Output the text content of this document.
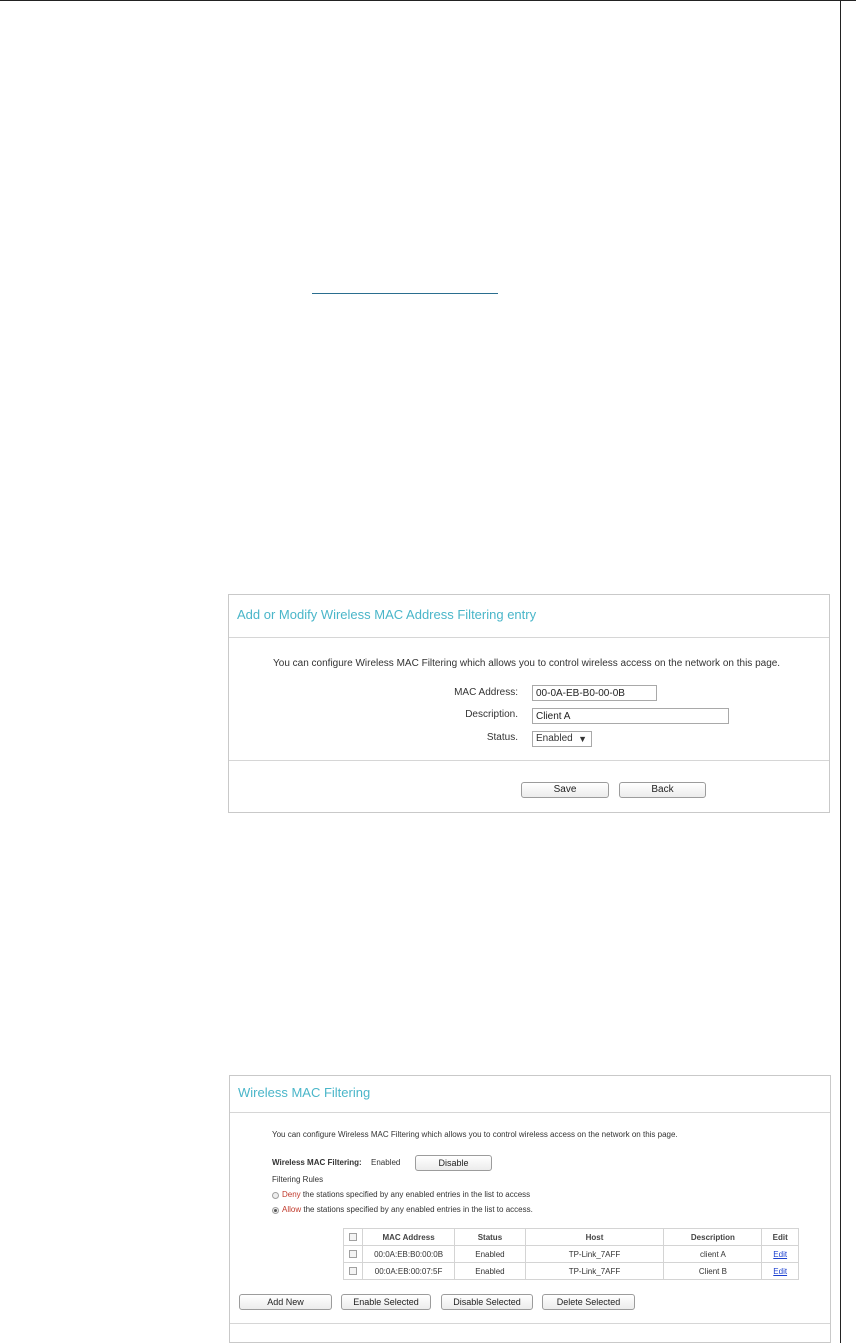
Add or Modify Wireless MAC Address Filtering entry
You can configure Wireless MAC Filtering which allows you to control wireless access on the network on this page.
MAC Address:
00-0A-EB-B0-00-0B
Description.
Client A
Status.	Enabled ▼
Save	Back
Wireless MAC Filtering
You can configure Wireless MAC Filtering which allows you to control wireless access on the network on this page.
Wireless MAC Filtering: Enabled	Disable
Filtering Rules
Deny the stations specified by any enabled entries in the list to access
Allow the stations specified by any enabled entries in the list to access.
	MAC Address	Status	Host	Description	Edit
	00:0A:EB:B0:00:0B	Enabled	TP-Link_7AFF	client A	Edit
	00:0A:EB:00:07:5F	Enabled	TP-Link_7AFF	Client B	Edit
Add New	Enable Selected	Disable Selected	Delete Selected
